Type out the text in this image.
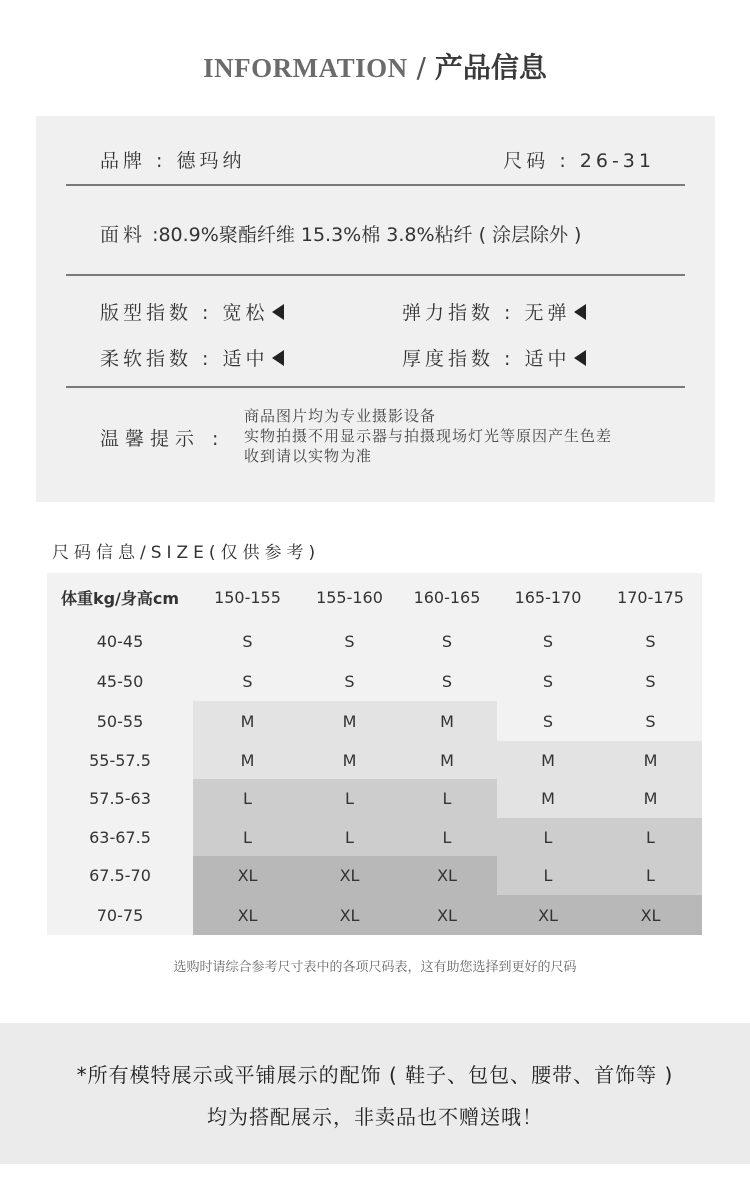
INFORMATION / 产品信息
品牌 : 德玛纳	尺码 : 26-31
面料 :80.9%聚酯纤维 15.3%棉 3.8%粘纤 ( 涂层除外 )
版型指数 : 宽松	弹力指数 : 无弹
柔软指数 : 适中	厚度指数 : 适中
温馨提示 :
商品图片均为专业摄影设备
实物拍摄不用显示器与拍摄现场灯光等原因产生色差
收到请以实物为准
尺码信息/SIZE(仅供参考)
体重kg/身高cm	150-155	155-160	160-165	165-170	170-175
40-45	S	S	S	S	S
45-50	S	S	S	S	S
50-55	M	M	M	S	S
55-57.5	M	M	M	M	M
57.5-63	L	L	L	M	M
63-67.5	L	L	L	L	L
67.5-70	XL	XL	XL	L	L
70-75	XL	XL	XL	XL	XL
选购时请综合参考尺寸表中的各项尺码表，这有助您选择到更好的尺码

*所有模特展示或平铺展示的配饰 ( 鞋子、包包、腰带、首饰等 )

均为搭配展示，非卖品也不赠送哦！
